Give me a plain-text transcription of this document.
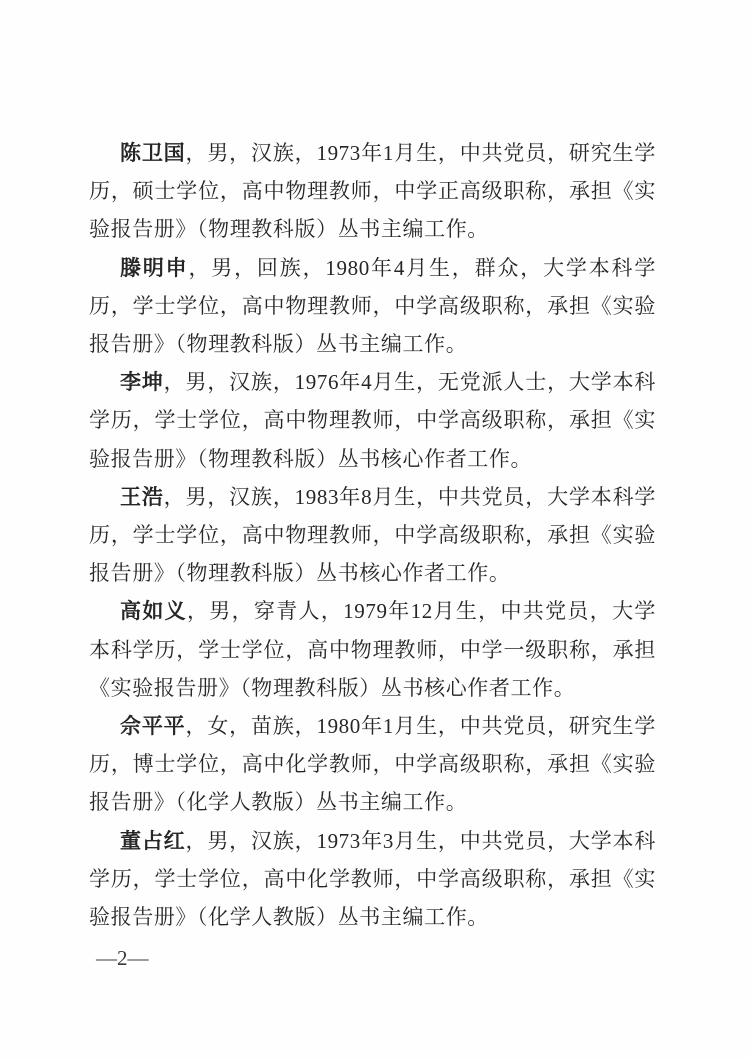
陈卫国，男，汉族，1973年1月生，中共党员，研究生学历，硕士学位，高中物理教师，中学正高级职称，承担《实验报告册》（物理教科版）丛书主编工作。

滕明申，男，回族，1980年4月生，群众，大学本科学历，学士学位，高中物理教师，中学高级职称，承担《实验报告册》（物理教科版）丛书主编工作。

李坤，男，汉族，1976年4月生，无党派人士，大学本科学历，学士学位，高中物理教师，中学高级职称，承担《实验报告册》（物理教科版）丛书核心作者工作。

王浩，男，汉族，1983年8月生，中共党员，大学本科学历，学士学位，高中物理教师，中学高级职称，承担《实验报告册》（物理教科版）丛书核心作者工作。

高如义，男，穿青人，1979年12月生，中共党员，大学本科学历，学士学位，高中物理教师，中学一级职称，承担《实验报告册》（物理教科版）丛书核心作者工作。

佘平平，女，苗族，1980年1月生，中共党员，研究生学历，博士学位，高中化学教师，中学高级职称，承担《实验报告册》（化学人教版）丛书主编工作。

董占红，男，汉族，1973年3月生，中共党员，大学本科学历，学士学位，高中化学教师，中学高级职称，承担《实验报告册》（化学人教版）丛书主编工作。

—2—
